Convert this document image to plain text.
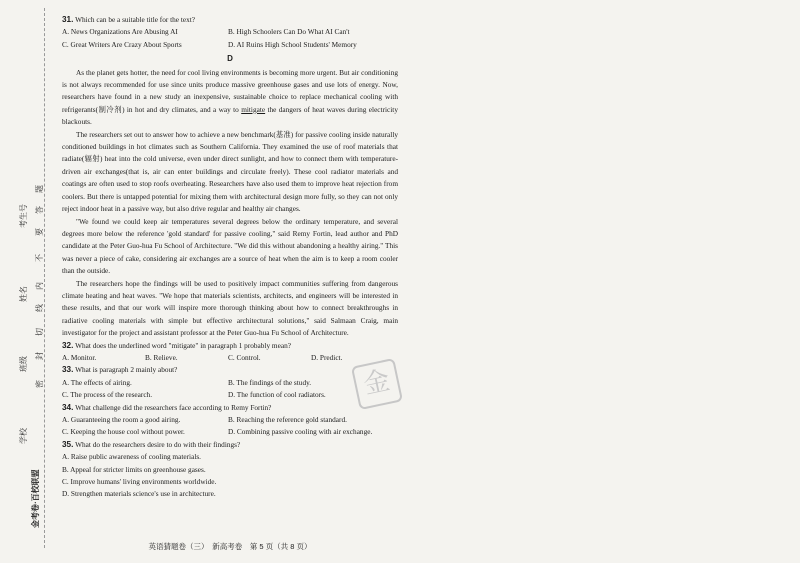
考生号
姓名
班级
学校
金考卷·百校联盟
题
答
要
不
内
线
切
封
密
31. Which can be a suitable title for the text?
A. News Organizations Are Abusing AI	B. High Schoolers Can Do What AI Can't
C. Great Writers Are Crazy About Sports	D. AI Ruins High School Students' Memory
D

As the planet gets hotter, the need for cool living environments is becoming more urgent. But air conditioning is not always recommended for use since units produce massive greenhouse gases and use lots of energy. Now, researchers have found in a new study an inexpensive, sustainable choice to replace mechanical cooling with refrigerants(制冷剂) in hot and dry climates, and a way to mitigate the dangers of heat waves during electricity blackouts.

The researchers set out to answer how to achieve a new benchmark(基准) for passive cooling inside naturally conditioned buildings in hot climates such as Southern California. They examined the use of roof materials that radiate(辐射) heat into the cold universe, even under direct sunlight, and how to connect them with temperature-driven air exchanges(that is, air can enter buildings and circulate freely). These cool radiator materials and coatings are often used to stop roofs overheating. Researchers have also used them to improve heat rejection from coolers. But there is untapped potential for mixing them with architectural design more fully, so they can not only reject indoor heat in a passive way, but also drive regular and healthy air changes.

"We found we could keep air temperatures several degrees below the ordinary temperature, and several degrees more below the reference 'gold standard' for passive cooling," said Remy Fortin, lead author and PhD candidate at the Peter Guo-hua Fu School of Architecture. "We did this without abandoning a healthy airing." This was never a piece of cake, considering air exchanges are a source of heat when the aim is to keep a room cooler than the outside.

The researchers hope the findings will be used to positively impact communities suffering from dangerous climate heating and heat waves. "We hope that materials scientists, architects, and engineers will be interested in these results, and that our work will inspire more thorough thinking about how to connect breakthroughs in radiative cooling materials with simple but effective architectural solutions," said Salmaan Craig, main investigator for the project and assistant professor at the Peter Guo-hua Fu School of Architecture.

32. What does the underlined word "mitigate" in paragraph 1 probably mean?
A. Monitor.	B. Relieve.	C. Control.	D. Predict.
33. What is paragraph 2 mainly about?
A. The effects of airing.	B. The findings of the study.
C. The process of the research.	D. The function of cool radiators.
34. What challenge did the researchers face according to Remy Fortin?
A. Guaranteeing the room a good airing.	B. Reaching the reference gold standard.
C. Keeping the house cool without power.	D. Combining passive cooling with air exchange.
35. What do the researchers desire to do with their findings?
A. Raise public awareness of cooling materials.
B. Appeal for stricter limits on greenhouse gases.
C. Improve humans' living environments worldwide.
D. Strengthen materials science's use in architecture.
金
英语猜题卷（三）　新高考卷　第 5 页（共 8 页）
